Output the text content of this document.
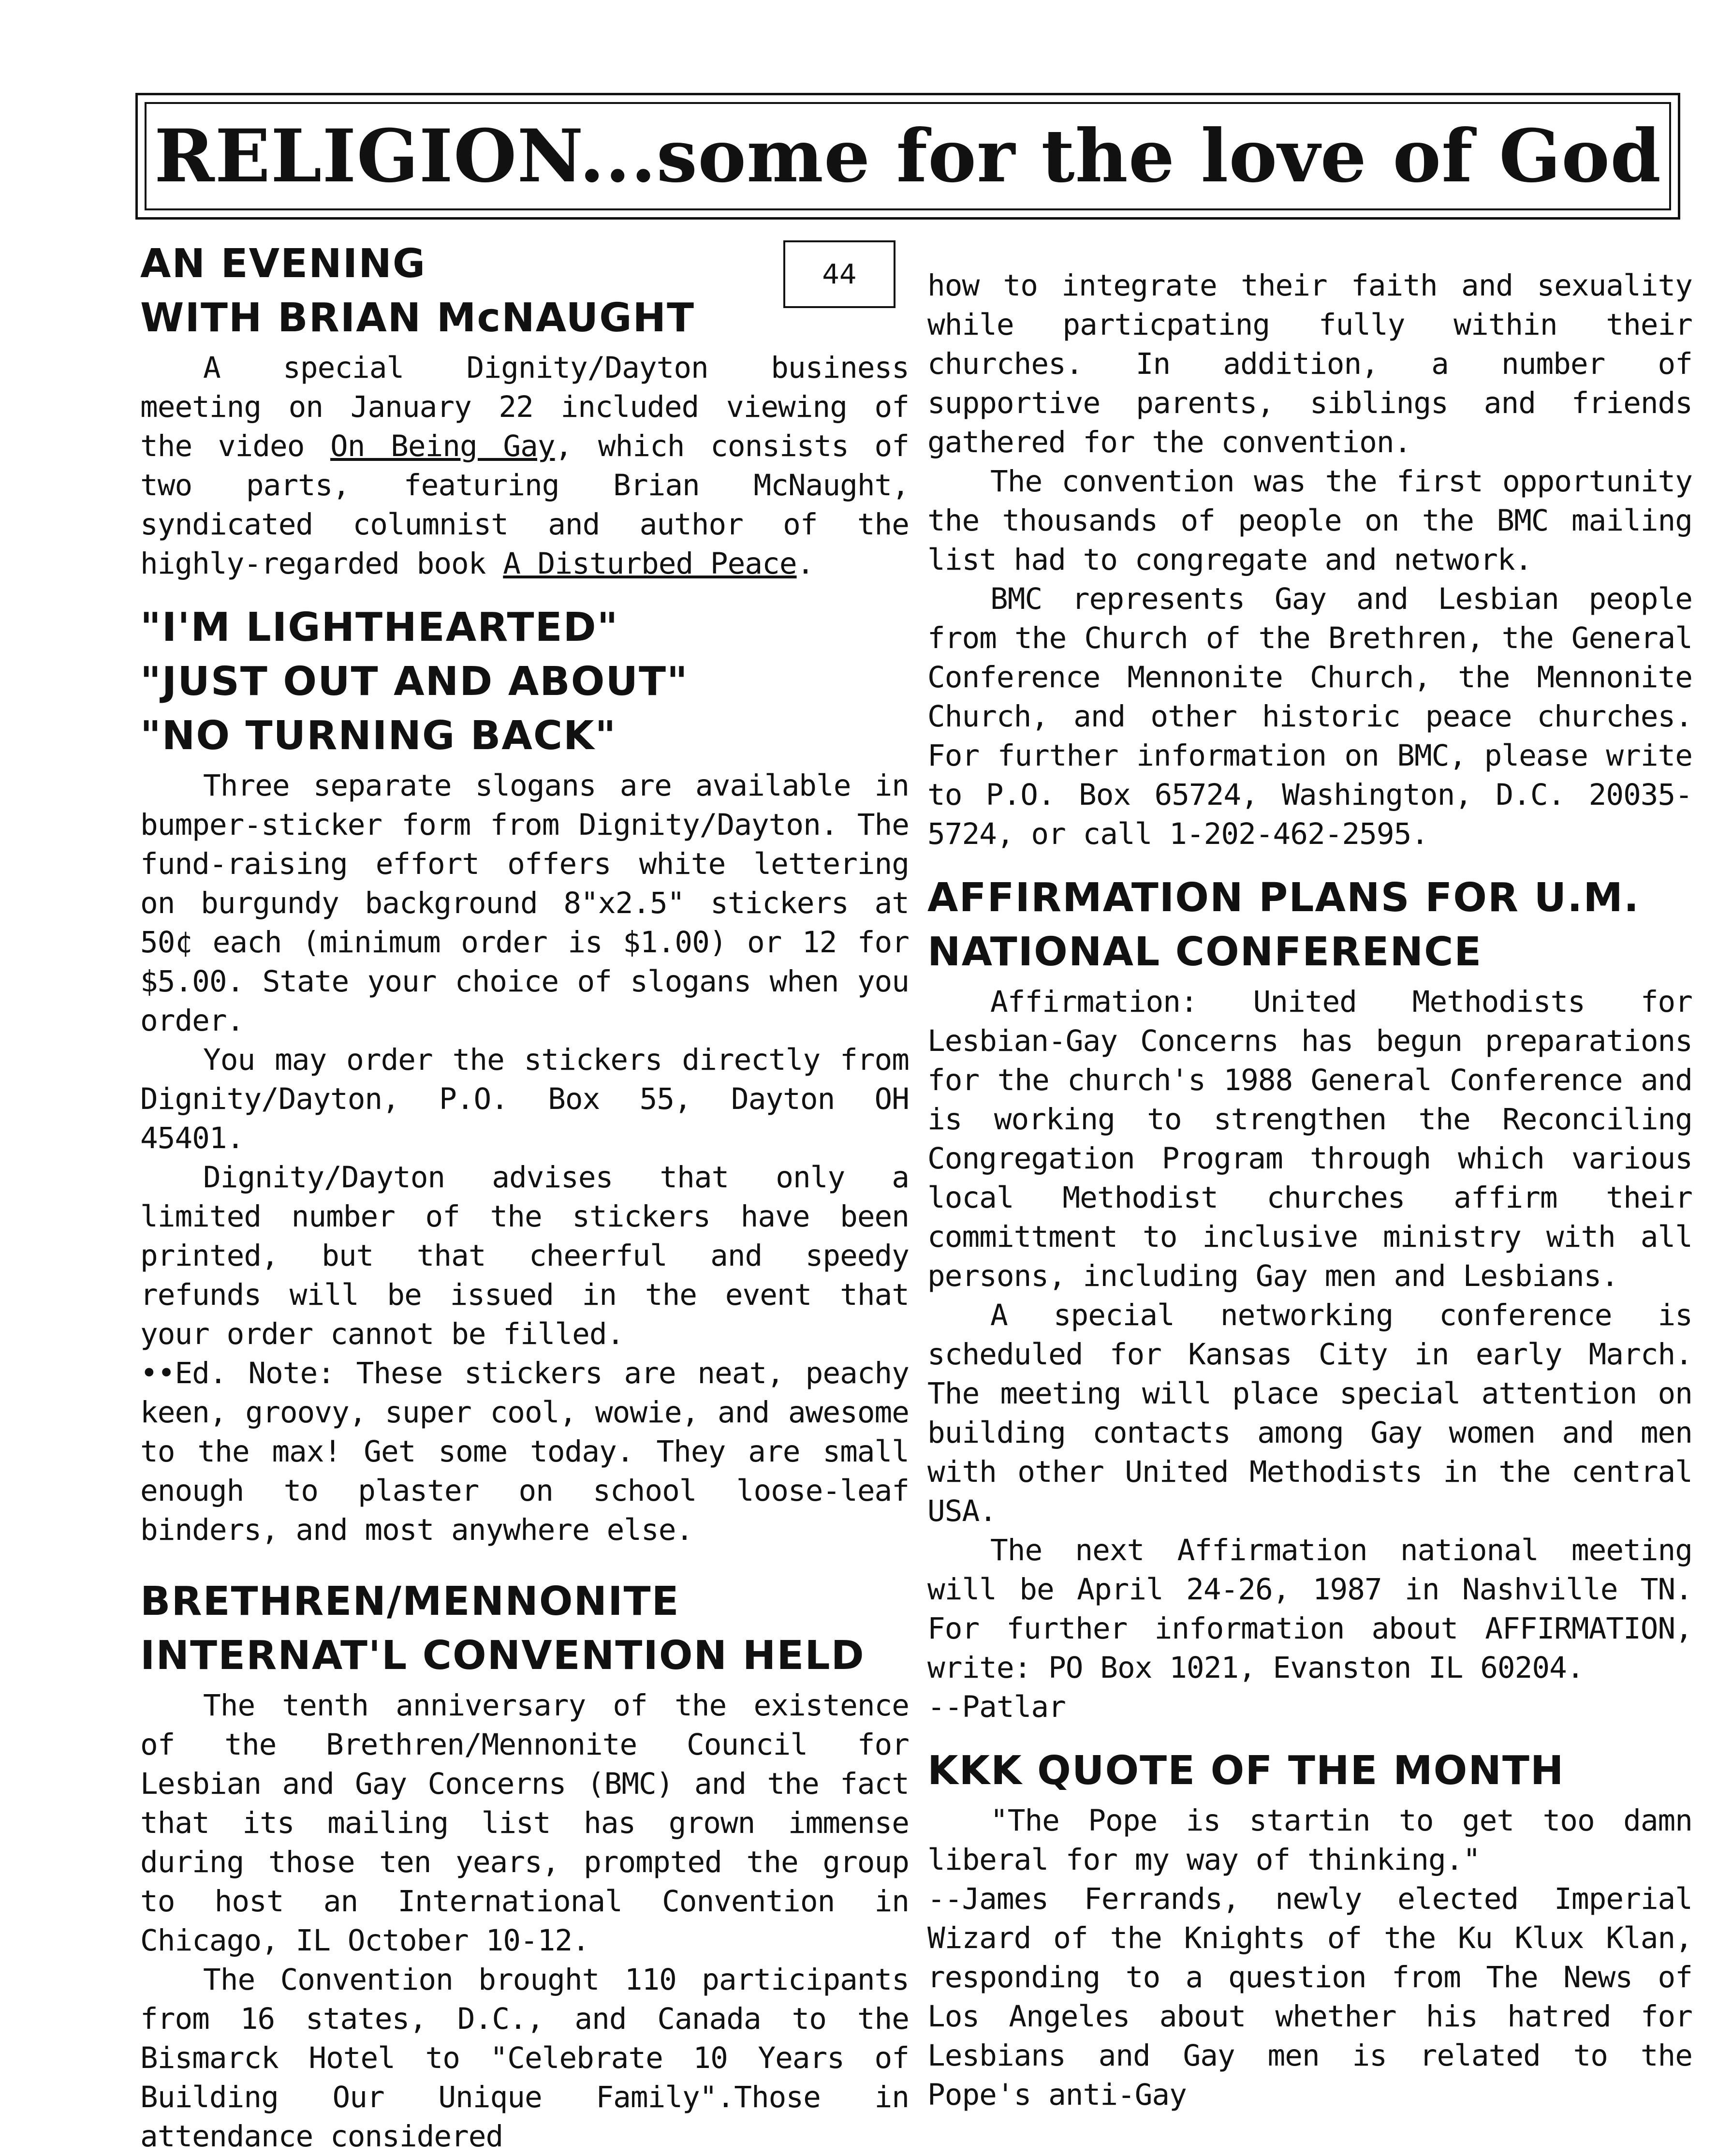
RELIGION...some for the love of God
44
AN EVENING
WITH BRIAN McNAUGHT

A special Dignity/Dayton business meeting on January 22 included viewing of the video On Being Gay, which consists of two parts, featuring Brian McNaught, syndicated columnist and author of the highly-regarded book A Disturbed Peace.

"I'M LIGHTHEARTED"
"JUST OUT AND ABOUT"
"NO TURNING BACK"

Three separate slogans are available in bumper-sticker form from Dignity/Dayton. The fund-raising effort offers white lettering on burgundy background 8"x2.5" stickers at 50¢ each (minimum order is $1.00) or 12 for $5.00. State your choice of slogans when you order.

You may order the stickers directly from Dignity/Dayton, P.O. Box 55, Dayton OH 45401.

Dignity/Dayton advises that only a limited number of the stickers have been printed, but that cheerful and speedy refunds will be issued in the event that your order cannot be filled.

••Ed. Note: These stickers are neat, peachy keen, groovy, super cool, wowie, and awesome to the max! Get some today. They are small enough to plaster on school loose-leaf binders, and most anywhere else.

BRETHREN/MENNONITE
INTERNAT'L CONVENTION HELD

The tenth anniversary of the existence of the Brethren/Mennonite Council for Lesbian and Gay Concerns (BMC) and the fact that its mailing list has grown immense during those ten years, prompted the group to host an International Convention in Chicago, IL October 10-12.

The Convention brought 110 participants from 16 states, D.C., and Canada to the Bismarck Hotel to "Celebrate 10 Years of Building Our Unique Family".Those in attendance considered

how to integrate their faith and sexuality while particpating fully within their churches. In addition, a number of supportive parents, siblings and friends gathered for the convention.

The convention was the first opportunity the thousands of people on the BMC mailing list had to congregate and network.

BMC represents Gay and Lesbian people from the Church of the Brethren, the General Conference Mennonite Church, the Mennonite Church, and other historic peace churches. For further information on BMC, please write to P.O. Box 65724, Washington, D.C. 20035-5724, or call 1-202-462-2595.

AFFIRMATION PLANS FOR U.M.
NATIONAL CONFERENCE

Affirmation: United Methodists for Lesbian-Gay Concerns has begun preparations for the church's 1988 General Conference and is working to strengthen the Reconciling Congregation Program through which various local Methodist churches affirm their committment to inclusive ministry with all persons, including Gay men and Lesbians.

A special networking conference is scheduled for Kansas City in early March. The meeting will place special attention on building contacts among Gay women and men with other United Methodists in the central USA.

The next Affirmation national meeting will be April 24-26, 1987 in Nashville TN. For further information about AFFIRMATION, write: PO Box 1021, Evanston IL 60204.

--Patlar

KKK QUOTE OF THE MONTH

"The Pope is startin to get too damn liberal for my way of thinking."

--James Ferrands, newly elected Imperial Wizard of the Knights of the Ku Klux Klan, responding to a question from The News of Los Angeles about whether his hatred for Lesbians and Gay men is related to the Pope's anti-Gay
